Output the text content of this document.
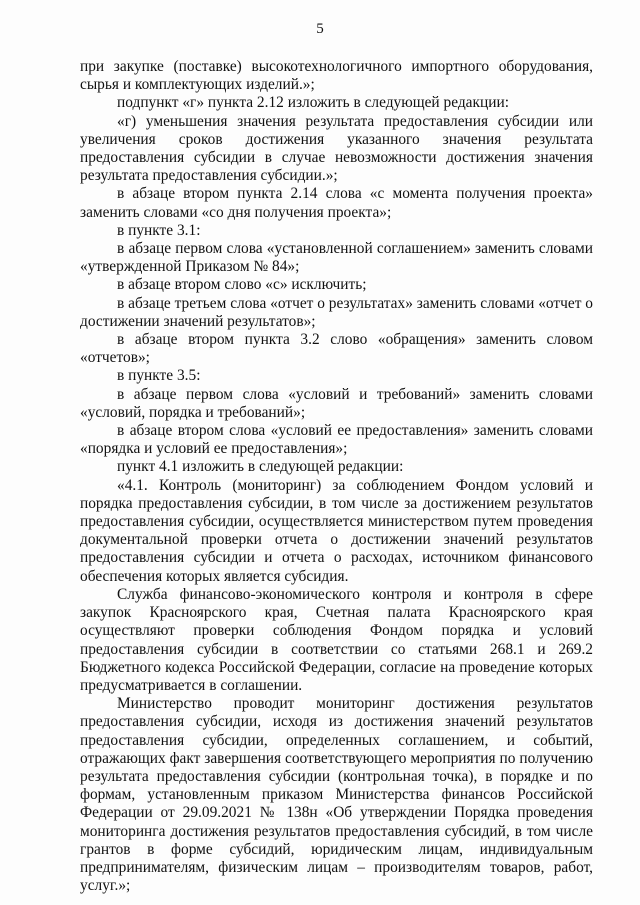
5

при закупке (поставке) высокотехнологичного импортного оборудования, сырья и комплектующих изделий.»;

подпункт «г» пункта 2.12 изложить в следующей редакции:

«г) уменьшения значения результата предоставления субсидии или увеличения сроков достижения указанного значения результата предоставления субсидии в случае невозможности достижения значения результата предоставления субсидии.»;

в абзаце втором пункта 2.14 слова «с момента получения проекта» заменить словами «со дня получения проекта»;

в пункте 3.1:

в абзаце первом слова «установленной соглашением» заменить словами «утвержденной Приказом № 84»;

в абзаце втором слово «с» исключить;

в абзаце третьем слова «отчет о результатах» заменить словами «отчет о достижении значений результатов»;

в абзаце втором пункта 3.2 слово «обращения» заменить словом «отчетов»;

в пункте 3.5:

в абзаце первом слова «условий и требований» заменить словами «условий, порядка и требований»;

в абзаце втором слова «условий ее предоставления» заменить словами «порядка и условий ее предоставления»;

пункт 4.1 изложить в следующей редакции:

«4.1. Контроль (мониторинг) за соблюдением Фондом условий и порядка предоставления субсидии, в том числе за достижением результатов предоставления субсидии, осуществляется министерством путем проведения документальной проверки отчета о достижении значений результатов предоставления субсидии и отчета о расходах, источником финансового обеспечения которых является субсидия.

Служба финансово-экономического контроля и контроля в сфере закупок Красноярского края, Счетная палата Красноярского края осуществляют проверки соблюдения Фондом порядка и условий предоставления субсидии в соответствии со статьями 268.1 и 269.2 Бюджетного кодекса Российской Федерации, согласие на проведение которых предусматривается в соглашении.

Министерство проводит мониторинг достижения результатов предоставления субсидии, исходя из достижения значений результатов предоставления субсидии, определенных соглашением, и событий, отражающих факт завершения соответствующего мероприятия по получению результата предоставления субсидии (контрольная точка), в порядке и по формам, установленным приказом Министерства финансов Российской Федерации от 29.09.2021 № 138н «Об утверждении Порядка проведения мониторинга достижения результатов предоставления субсидий, в том числе грантов в форме субсидий, юридическим лицам, индивидуальным предпринимателям, физическим лицам – производителям товаров, работ, услуг.»;
